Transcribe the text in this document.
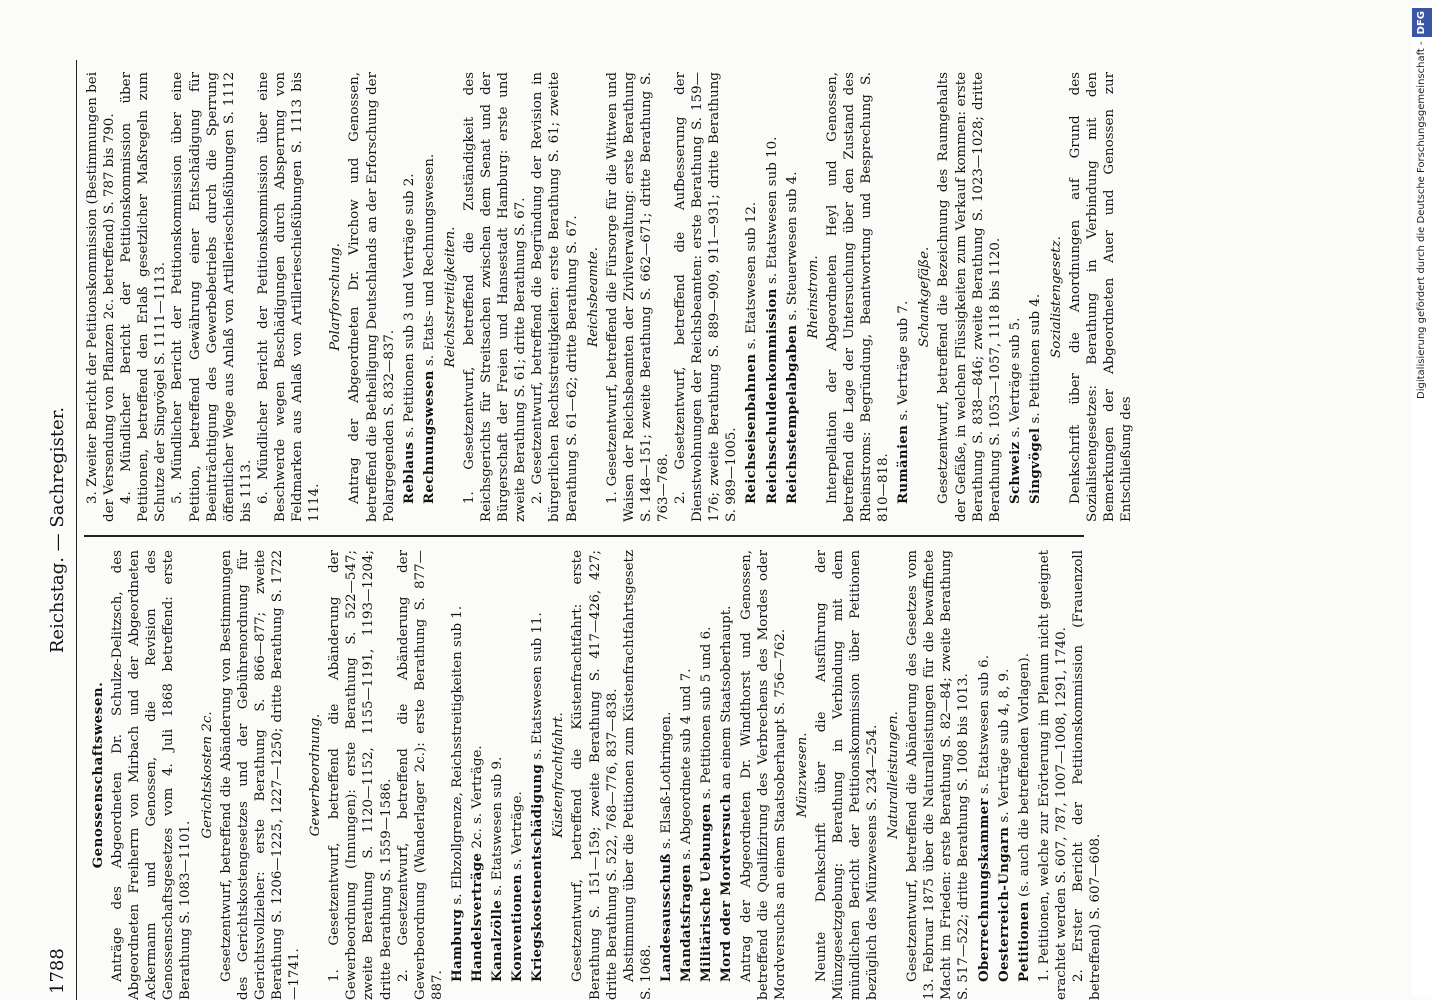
1788
Reichstag. — Sachregister.
Genossenschaftswesen. Anträge des Abgeordneten Dr. Schulze-Delitzsch, des Abgeordneten Freiherrn von Mirbach und der Abgeordneten Ackermann und Genossen, die Revision des Genossenschaftsgesetzes vom 4. Juli 1868 betreffend: erste Berathung S. 1083—1101.

Gerichtskosten 2c. Gesetzentwurf, betreffend die Abänderung von Bestimmungen des Gerichtskostengesetzes und der Gebührenordnung für Gerichtsvollzieher: erste Berathung S. 866—877; zweite Berathung S. 1206—1225, 1227—1250; dritte Berathung S. 1722—1741.

Gewerbeordnung. 1. Gesetzentwurf, betreffend die Abänderung der Gewerbeordnung (Innungen): erste Berathung S. 522—547; zweite Berathung S. 1120—1152, 1155—1191, 1193—1204; dritte Berathung S. 1559—1586. 2. Gesetzentwurf, betreffend die Abänderung der Gewerbeordnung (Wanderlager 2c.): erste Berathung S. 877—887.

Hamburg s. Elbzollgrenze, Reichsstreitigkeiten sub 1.
Handelsverträge 2c. s. Verträge.
Kanalzölle s. Etatswesen sub 9.
Konventionen s. Verträge. Kriegskostenentschädigung s. Etatswesen sub 11.
Küstenfrachtfahrt. Gesetzentwurf, betreffend die Küstenfrachtfahrt: erste Berathung S. 151—159; zweite Berathung S. 417—426, 427; dritte Berathung S. 522, 768—776, 837—838. Abstimmung über die Petitionen zum Küstenfrachtfahrtsgesetz S. 1068. Landesausschuß s. Elsaß-Lothringen.
Mandatsfragen s. Abgeordnete sub 4 und 7.
Militärische Uebungen s. Petitionen sub 5 und 6.
Mord oder Mordversuch an einem Staatsoberhaupt. Antrag der Abgeordneten Dr. Windthorst und Genossen, betreffend die Qualifizirung des Verbrechens des Mordes oder Mordversuchs an einem Staatsoberhaupt S. 756—762. Münzwesen. Neunte Denkschrift über die Ausführung der Münzgesetzgebung: Berathung in Verbindung mit dem mündlichen Bericht der Petitionskommission über Petitionen bezüglich des Münzwesens S. 234—254. Naturalleistungen. Gesetzentwurf, betreffend die Abänderung des Gesetzes vom 13. Februar 1875 über die Naturalleistungen für die bewaffnete Macht im Frieden: erste Berathung S. 82—84; zweite Berathung S. 517—522; dritte Berathung S. 1008 bis 1013. Oberrechnungskammer s. Etatswesen sub 6.
Oesterreich-Ungarn s. Verträge sub 4, 8, 9.
Petitionen (s. auch die betreffenden Vorlagen). 1. Petitionen, welche zur Erörterung im Plenum nicht geeignet erachtet werden S. 607, 787, 1007—1008, 1291, 1740. 2. Erster Bericht der Petitionskommission (Frauenzoll betreffend) S. 607—608.

3. Zweiter Bericht der Petitionskommission (Bestimmungen bei der Versendung von Pflanzen 2c. betreffend) S. 787 bis 790. 4. Mündlicher Bericht der Petitionskommission über Petitionen, betreffend den Erlaß gesetzlicher Maßregeln zum Schutze der Singvögel S. 1111—1113. 5. Mündlicher Bericht der Petitionskommission über eine Petition, betreffend Gewährung einer Entschädigung für Beeinträchtigung des Gewerbebetriebs durch die Sperrung öffentlicher Wege aus Anlaß von Artillerieschießübungen S. 1112 bis 1113. 6. Mündlicher Bericht der Petitionskommission über eine Beschwerde wegen Beschädigungen durch Absperrung von Feldmarken aus Anlaß von Artillerieschießübungen S. 1113 bis 1114.

Polarforschung. Antrag der Abgeordneten Dr. Virchow und Genossen, betreffend die Betheiligung Deutschlands an der Erforschung der Polargegenden S. 832—837. Reblaus s. Petitionen sub 3 und Verträge sub 2. Rechnungswesen s. Etats- und Rechnungswesen. Reichsstreitigkeiten. 1. Gesetzentwurf, betreffend die Zuständigkeit des Reichsgerichts für Streitsachen zwischen dem Senat und der Bürgerschaft der Freien und Hansestadt Hamburg: erste und zweite Berathung S. 61; dritte Berathung S. 67. 2. Gesetzentwurf, betreffend die Begründung der Revision in bürgerlichen Rechtsstreitigkeiten: erste Berathung S. 61; zweite Berathung S. 61—62; dritte Berathung S. 67. Reichsbeamte. 1. Gesetzentwurf, betreffend die Fürsorge für die Wittwen und Waisen der Reichsbeamten der Zivilverwaltung: erste Berathung S. 148—151; zweite Berathung S. 662—671; dritte Berathung S. 763—768. 2. Gesetzentwurf, betreffend die Aufbesserung der Dienstwohnungen der Reichsbeamten: erste Berathung S. 159—176; zweite Berathung S. 889—909, 911—931; dritte Berathung S. 989—1005. Reichseisenbahnen s. Etatswesen sub 12.
Reichsschuldenkommission s. Etatswesen sub 10.
Reichsstempelabgaben s. Steuerwesen sub 4. Rheinstrom. Interpellation der Abgeordneten Heyl und Genossen, betreffend die Lage der Untersuchung über den Zustand des Rheinstroms: Begründung, Beantwortung und Besprechung S. 810—818. Rumänien s. Verträge sub 7.
Schankgefäße. Gesetzentwurf, betreffend die Bezeichnung des Raumgehalts der Gefäße, in welchen Flüssigkeiten zum Verkauf kommen: erste Berathung S. 838—846; zweite Berathung S. 1023—1028; dritte Berathung S. 1053—1057, 1118 bis 1120. Schweiz s. Verträge sub 5.
Singvögel s. Petitionen sub 4. Sozialistengesetz. Denkschrift über die Anordnungen auf Grund des Sozialistengesetzes: Berathung in Verbindung mit den Bemerkungen der Abgeordneten Auer und Genossen zur Entschließung des

Digitalisierung gefördert durch die Deutsche Forschungsgemeinschaft -DFG
